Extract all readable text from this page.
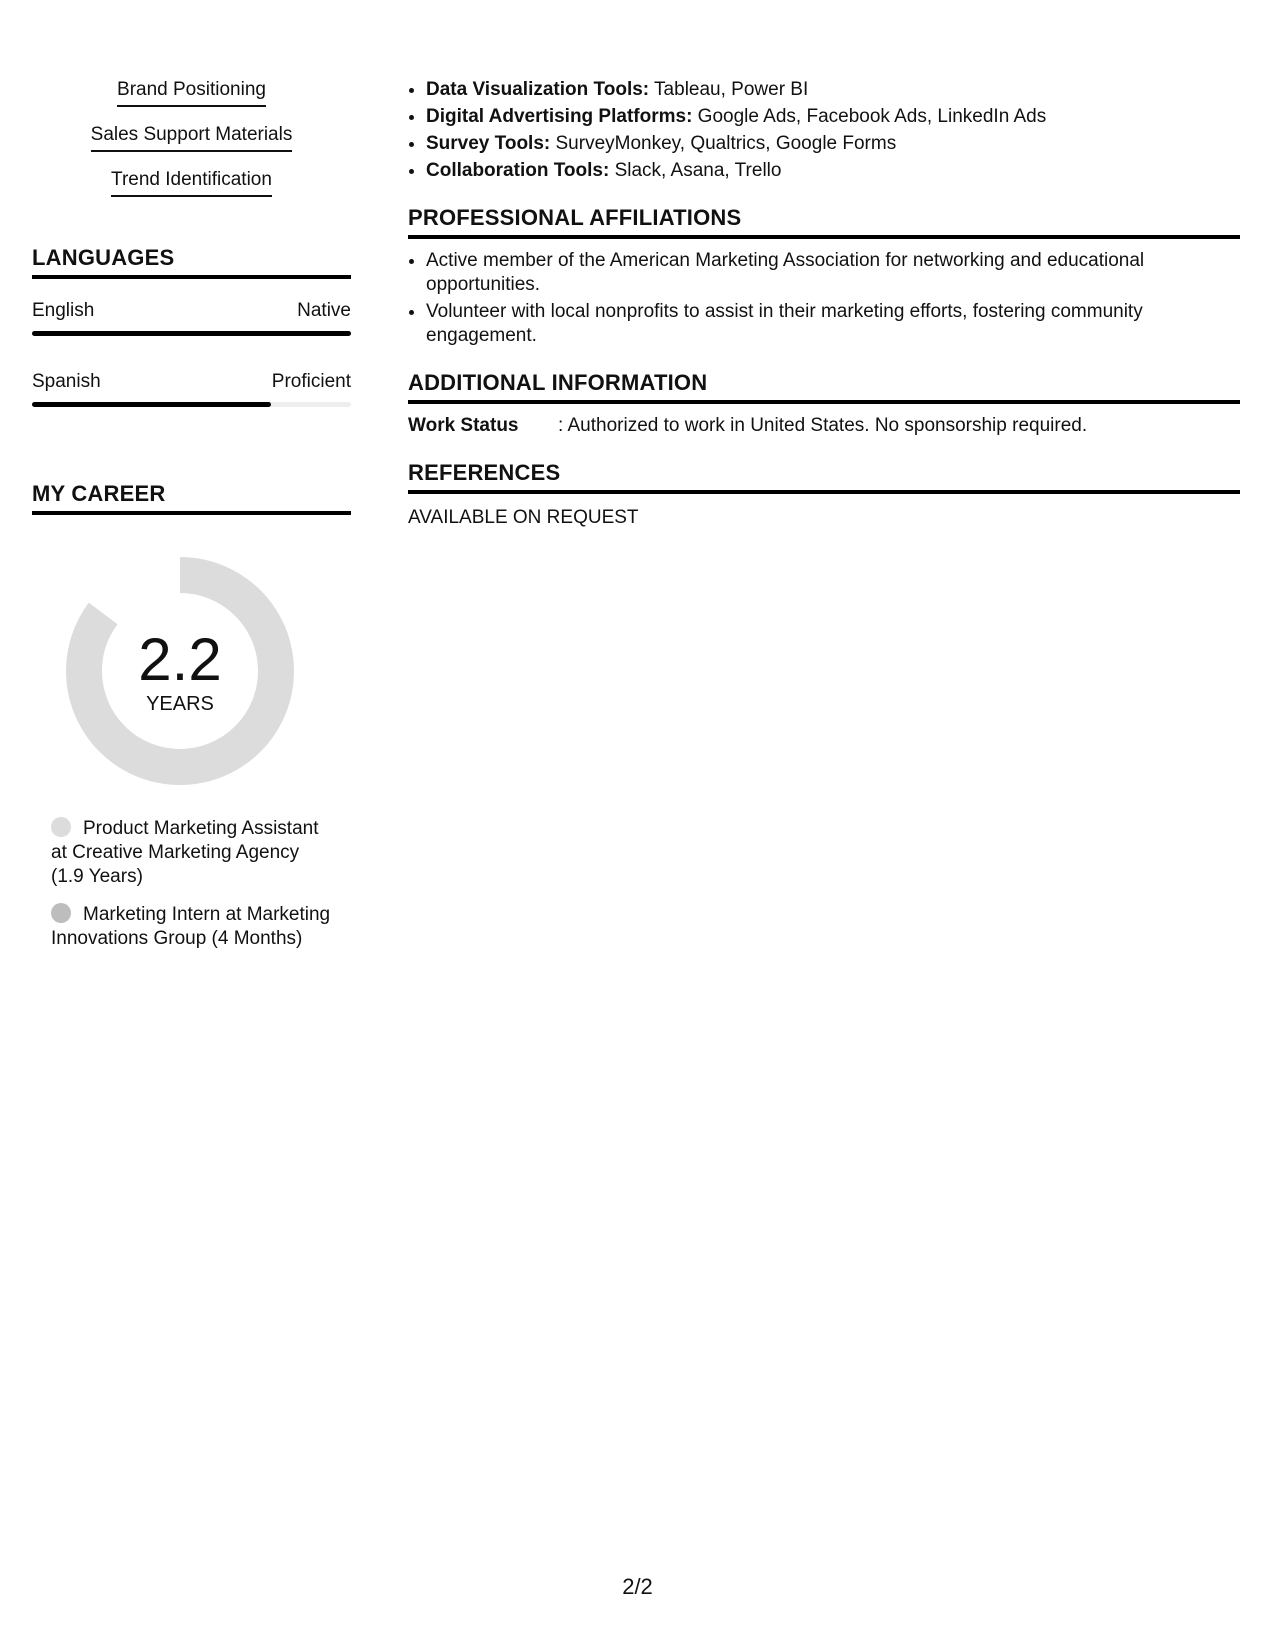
Brand Positioning
Sales Support Materials
Trend Identification
LANGUAGES
English	Native
Spanish	Proficient
MY CAREER
2.2
YEARS
Product Marketing Assistant at Creative Marketing Agency (1.9 Years)
Marketing Intern at Marketing Innovations Group (4 Months)
• Data Visualization Tools: Tableau, Power BI
• Digital Advertising Platforms: Google Ads, Facebook Ads, LinkedIn Ads
• Survey Tools: SurveyMonkey, Qualtrics, Google Forms
• Collaboration Tools: Slack, Asana, Trello
PROFESSIONAL AFFILIATIONS
• Active member of the American Marketing Association for networking and educational opportunities.
• Volunteer with local nonprofits to assist in their marketing efforts, fostering community engagement.
ADDITIONAL INFORMATION
Work Status	: Authorized to work in United States. No sponsorship required.
REFERENCES
AVAILABLE ON REQUEST
2/2
